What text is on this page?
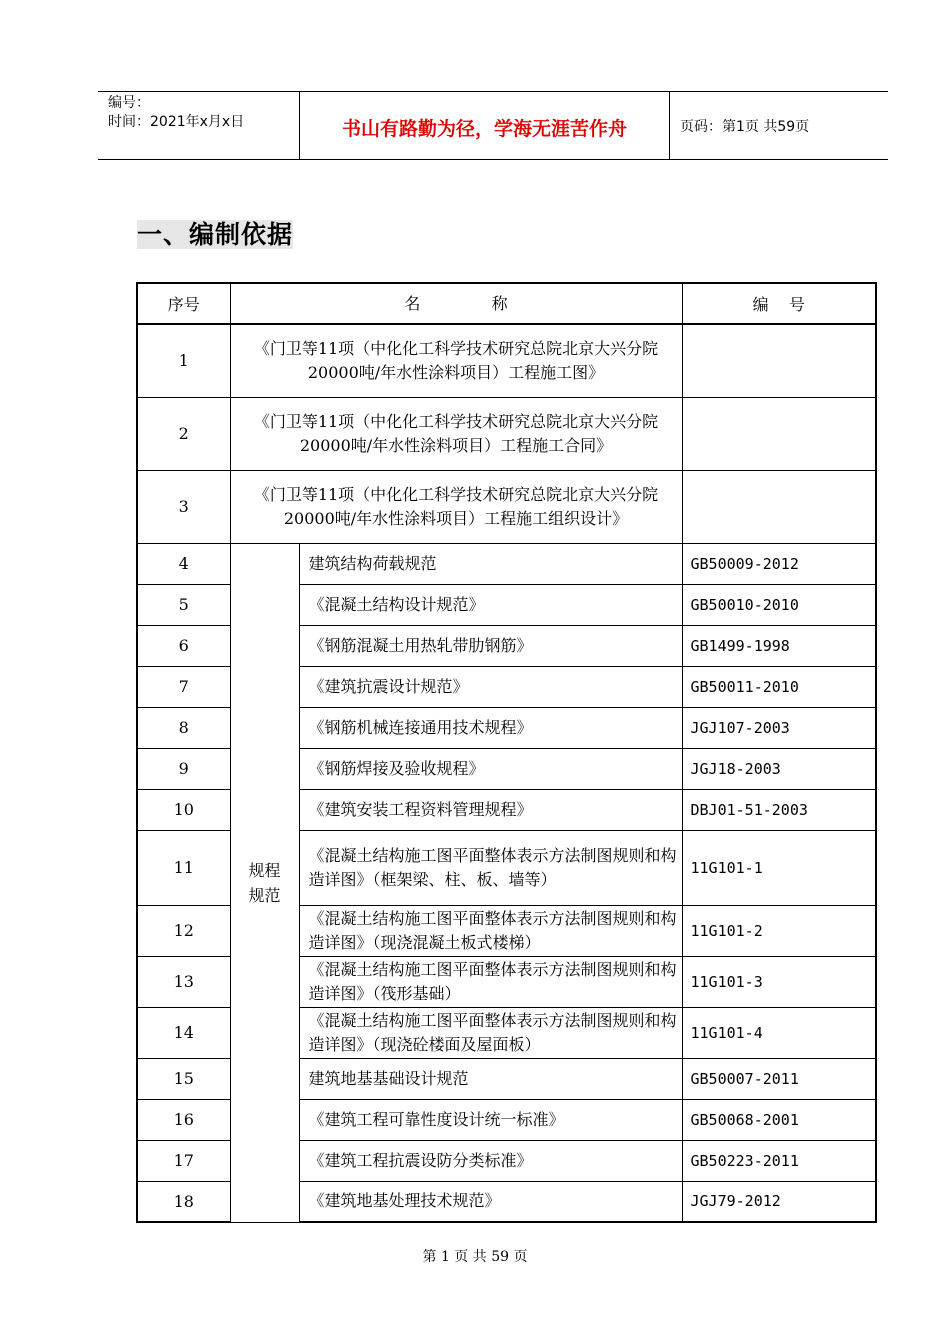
编号：
时间：2021年x月x日	书山有路勤为径，学海无涯苦作舟	页码：第1页 共59页
一、编制依据
序号	名              称		编    号
1	《门卫等11项（中化化工科学技术研究总院北京大兴分院20000吨/年水性涂料项目）工程施工图》		
2	《门卫等11项（中化化工科学技术研究总院北京大兴分院20000吨/年水性涂料项目）工程施工合同》		
3	《门卫等11项（中化化工科学技术研究总院北京大兴分院20000吨/年水性涂料项目）工程施工组织设计》		
4	规程规范	建筑结构荷载规范	GB50009-2012
5		《混凝土结构设计规范》	GB50010-2010
6		《钢筋混凝土用热轧带肋钢筋》	GB1499-1998
7		《建筑抗震设计规范》	GB50011-2010
8		《钢筋机械连接通用技术规程》	JGJ107-2003
9		《钢筋焊接及验收规程》	JGJ18-2003
10		《建筑安装工程资料管理规程》	DBJ01-51-2003
11		《混凝土结构施工图平面整体表示方法制图规则和构造详图》（框架梁、柱、板、墙等）	11G101-1
12		《混凝土结构施工图平面整体表示方法制图规则和构造详图》（现浇混凝土板式楼梯）	11G101-2
13		《混凝土结构施工图平面整体表示方法制图规则和构造详图》（筏形基础）	11G101-3
14		《混凝土结构施工图平面整体表示方法制图规则和构造详图》（现浇砼楼面及屋面板）	11G101-4
15		建筑地基基础设计规范	GB50007-2011
16		《建筑工程可靠性度设计统一标准》	GB50068-2001
17		《建筑工程抗震设防分类标准》	GB50223-2011
18		《建筑地基处理技术规范》	JGJ79-2012
第 1 页 共 59 页
